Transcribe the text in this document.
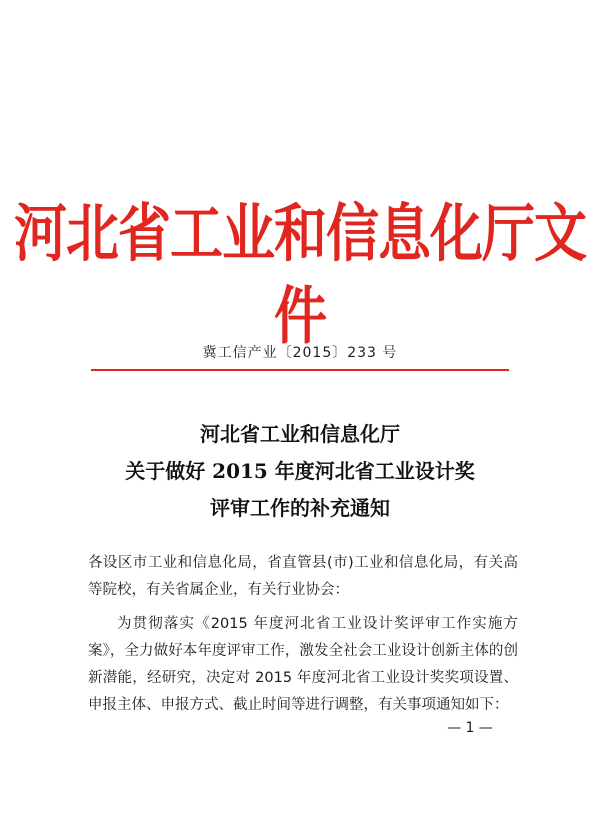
河北省工业和信息化厅文件
冀工信产业〔2015〕233 号
河北省工业和信息化厅
关于做好 2015 年度河北省工业设计奖
评审工作的补充通知
各设区市工业和信息化局，省直管县(市)工业和信息化局，有关高等院校，有关省属企业，有关行业协会：
为贯彻落实《2015 年度河北省工业设计奖评审工作实施方案》，全力做好本年度评审工作，激发全社会工业设计创新主体的创新潜能，经研究，决定对 2015 年度河北省工业设计奖奖项设置、申报主体、申报方式、截止时间等进行调整，有关事项通知如下：
— 1 —
